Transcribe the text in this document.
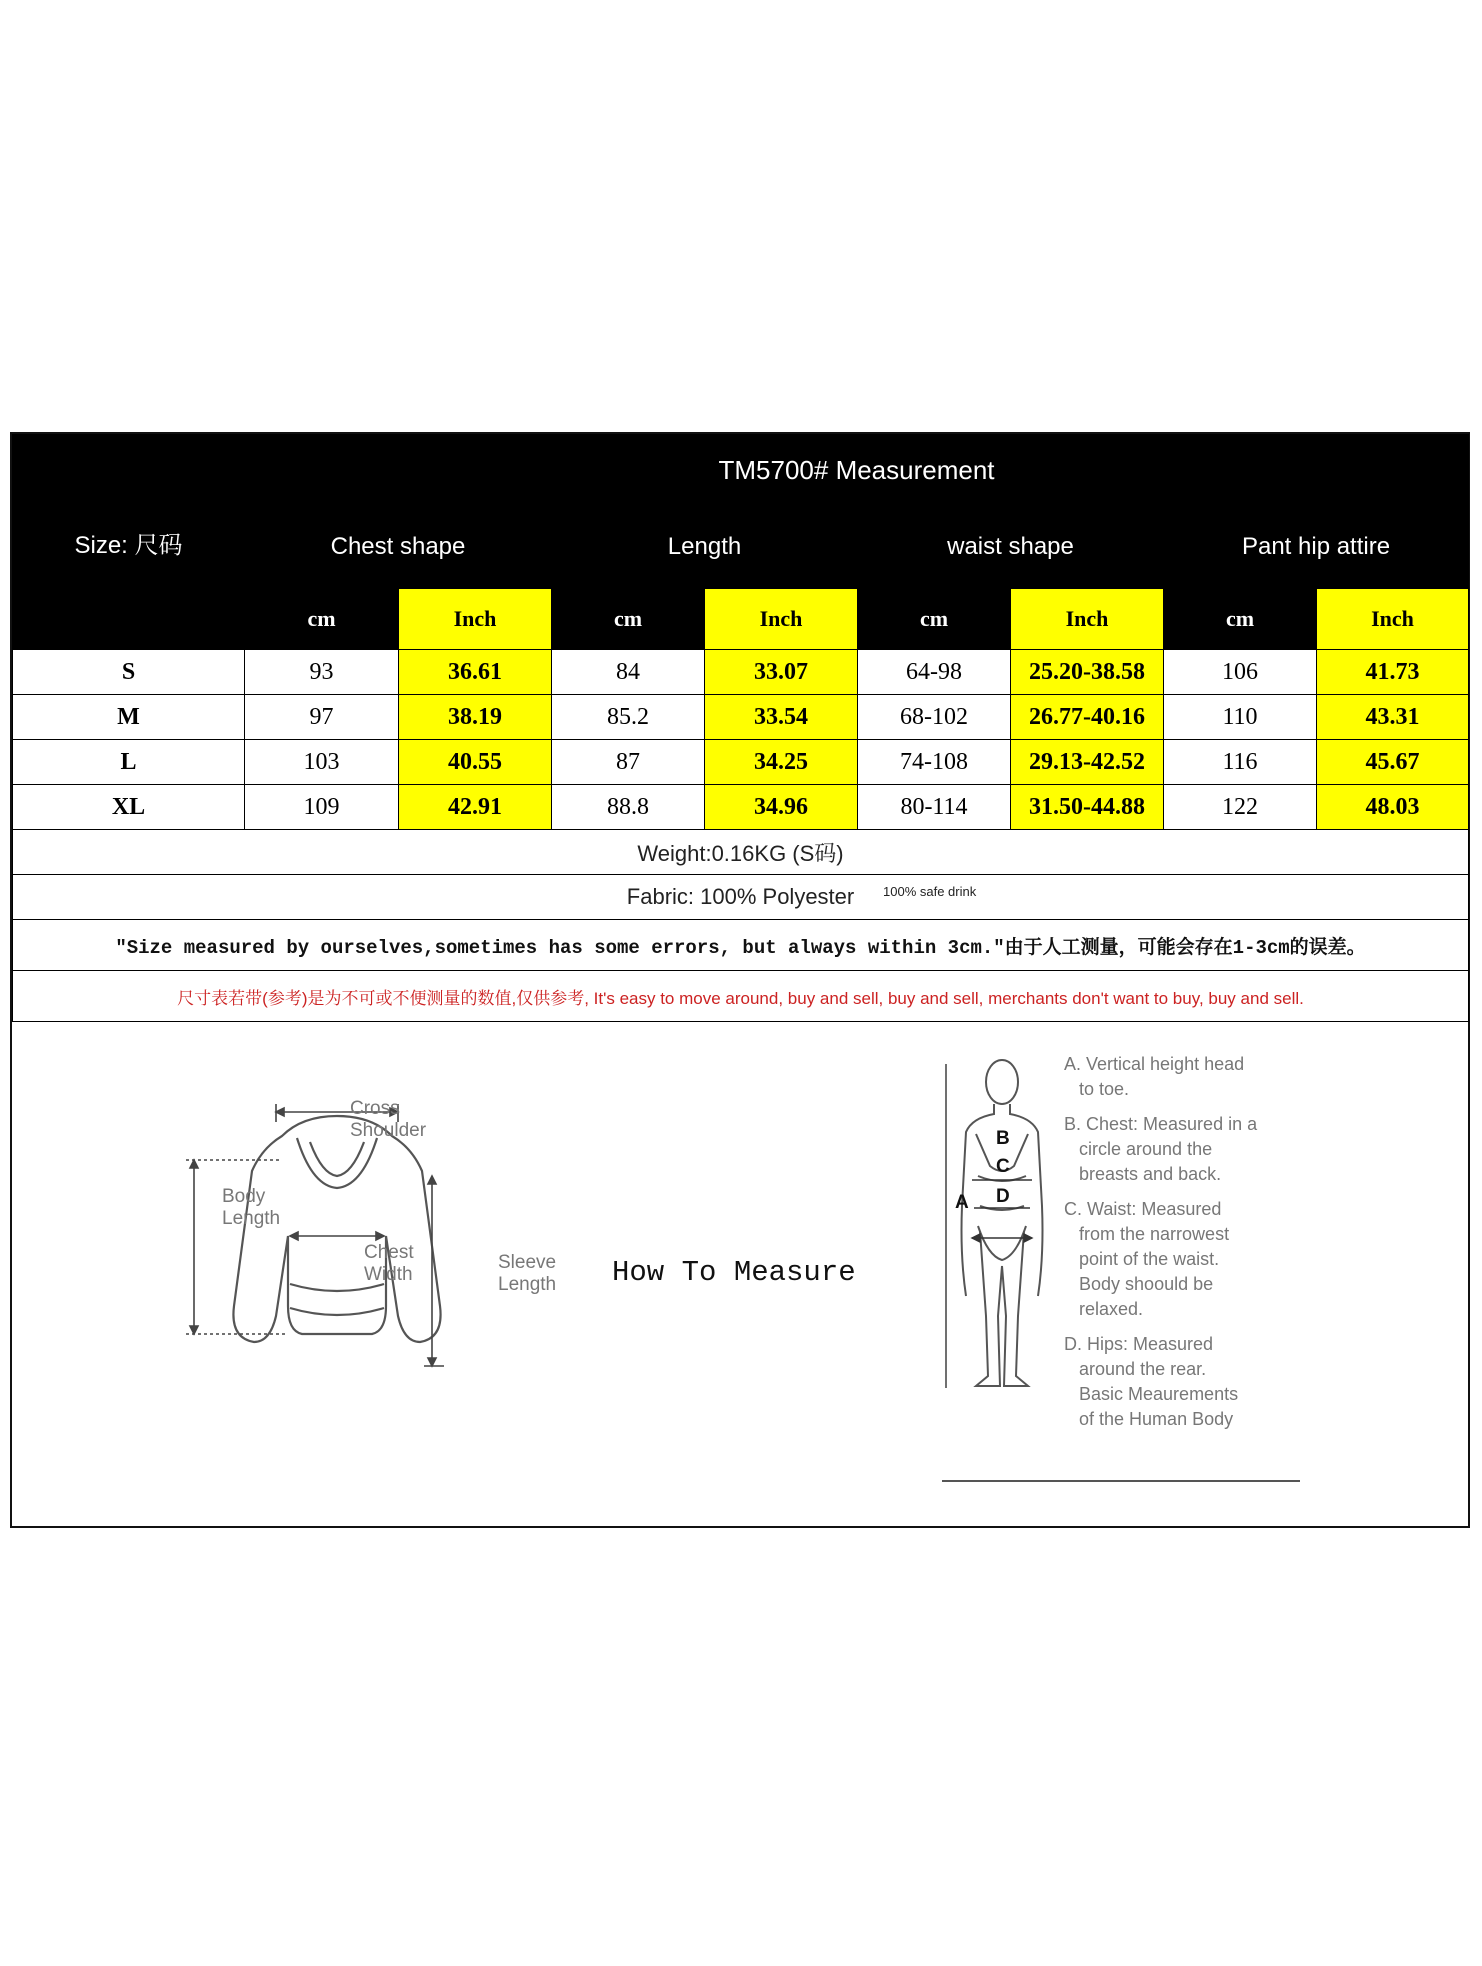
Size: 尺码	TM5700# Measurement							
	Chest shape		Length		waist shape		Pant hip attire	
	cm	Inch	cm	Inch	cm	Inch	cm	Inch
S	93	36.61	84	33.07	64-98	25.20-38.58	106	41.73
M	97	38.19	85.2	33.54	68-102	26.77-40.16	110	43.31
L	103	40.55	87	34.25	74-108	29.13-42.52	116	45.67
XL	109	42.91	88.8	34.96	80-114	31.50-44.88	122	48.03
Weight:0.16KG (S码)								
Fabric: 100% Polyester 100% safe drink								

"Size measured by ourselves,sometimes has some errors, but always within 3cm."由于人工测量，可能会存在1-3cm的误差。								
尺寸表若带(参考)是为不可或不便测量的数值,仅供参考, It's easy to move around, buy and sell, buy and sell, merchants don't want to buy, buy and sell.								
Cross
Shoulder
Body
Length
Chest
Width
Sleeve
Length How To Measure
A
B
C
D

A. Vertical height head
to toe.

B. Chest: Measured in a
circle around the
breasts and back.

C. Waist: Measured
from the narrowest
point of the waist.
Body shoould be
relaxed.

D. Hips: Measured
around the rear.
Basic Meaurements
of the Human Body
